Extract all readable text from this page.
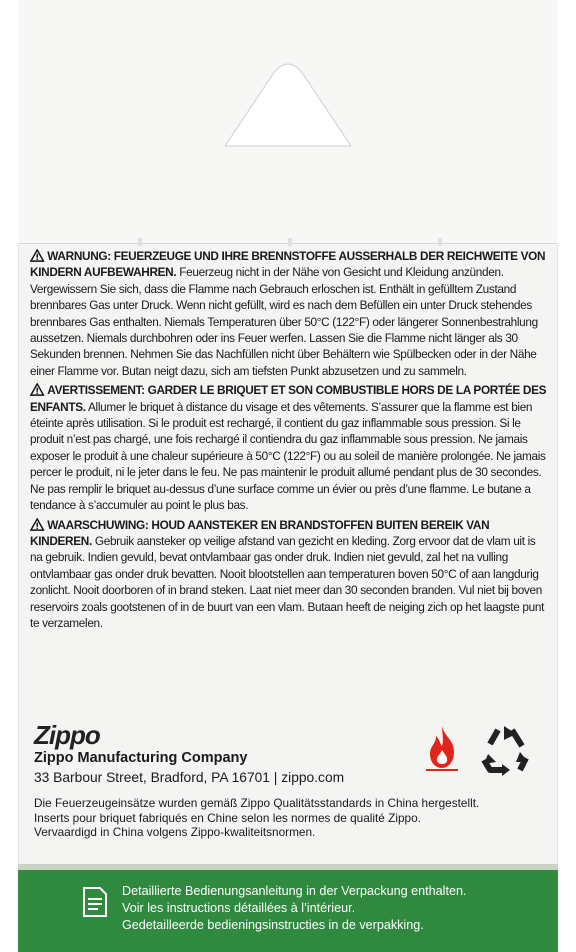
WARNUNG: FEUERZEUGE UND IHRE BRENNSTOFFE AUSSERHALB DER REICHWEITE VON KINDERN AUFBEWAHREN. Feuerzeug nicht in der Nähe von Gesicht und Kleidung anzünden. Vergewissern Sie sich, dass die Flamme nach Gebrauch erloschen ist. Enthält in gefülltem Zustand brennbares Gas unter Druck. Wenn nicht gefüllt, wird es nach dem Befüllen ein unter Druck stehendes brennbares Gas enthalten. Niemals Temperaturen über 50°C (122°F) oder längerer Sonnenbestrahlung aussetzen. Niemals durchbohren oder ins Feuer werfen. Lassen Sie die Flamme nicht länger als 30 Sekunden brennen. Nehmen Sie das Nachfüllen nicht über Behältern wie Spülbecken oder in der Nähe einer Flamme vor. Butan neigt dazu, sich am tiefsten Punkt abzusetzen und zu sammeln.

AVERTISSEMENT: GARDER LE BRIQUET ET SON COMBUSTIBLE HORS DE LA PORTÉE DES ENFANTS. Allumer le briquet à distance du visage et des vêtements. S’assurer que la flamme est bien éteinte après utilisation. Si le produit est rechargé, il contient du gaz inflammable sous pression. Si le produit n’est pas chargé, une fois rechargé il contiendra du gaz inflammable sous pression. Ne jamais exposer le produit à une chaleur supérieure à 50°C (122°F) ou au soleil de manière prolongée. Ne jamais percer le produit, ni le jeter dans le feu. Ne pas maintenir le produit allumé pendant plus de 30 secondes. Ne pas remplir le briquet au-dessus d’une surface comme un évier ou près d’une flamme. Le butane a tendance à s’accumuler au point le plus bas.

WAARSCHUWING: HOUD AANSTEKER EN BRANDSTOFFEN BUITEN BEREIK VAN KINDEREN. Gebruik aansteker op veilige afstand van gezicht en kleding. Zorg ervoor dat de vlam uit is na gebruik. Indien gevuld, bevat ontvlambaar gas onder druk. Indien niet gevuld, zal het na vulling ontvlambaar gas onder druk bevatten. Nooit blootstellen aan temperaturen boven 50°C of aan langdurig zonlicht. Nooit doorboren of in brand steken. Laat niet meer dan 30 seconden branden. Vul niet bij boven reservoirs zoals gootstenen of in de buurt van een vlam. Butaan heeft de neiging zich op het laagste punt te verzamelen.

Zippo
Zippo Manufacturing Company
33 Barbour Street, Bradford, PA 16701 | zippo.com
Die Feuerzeugeinsätze wurden gemäß Zippo Qualitätsstandards in China hergestellt.
Inserts pour briquet fabriqués en Chine selon les normes de qualité Zippo.
Vervaardigd in China volgens Zippo-kwaliteitsnormen.
Detaillierte Bedienungsanleitung in der Verpackung enthalten.
Voir les instructions détaillées à l’intérieur.
Gedetailleerde bedieningsinstructies in de verpakking.
